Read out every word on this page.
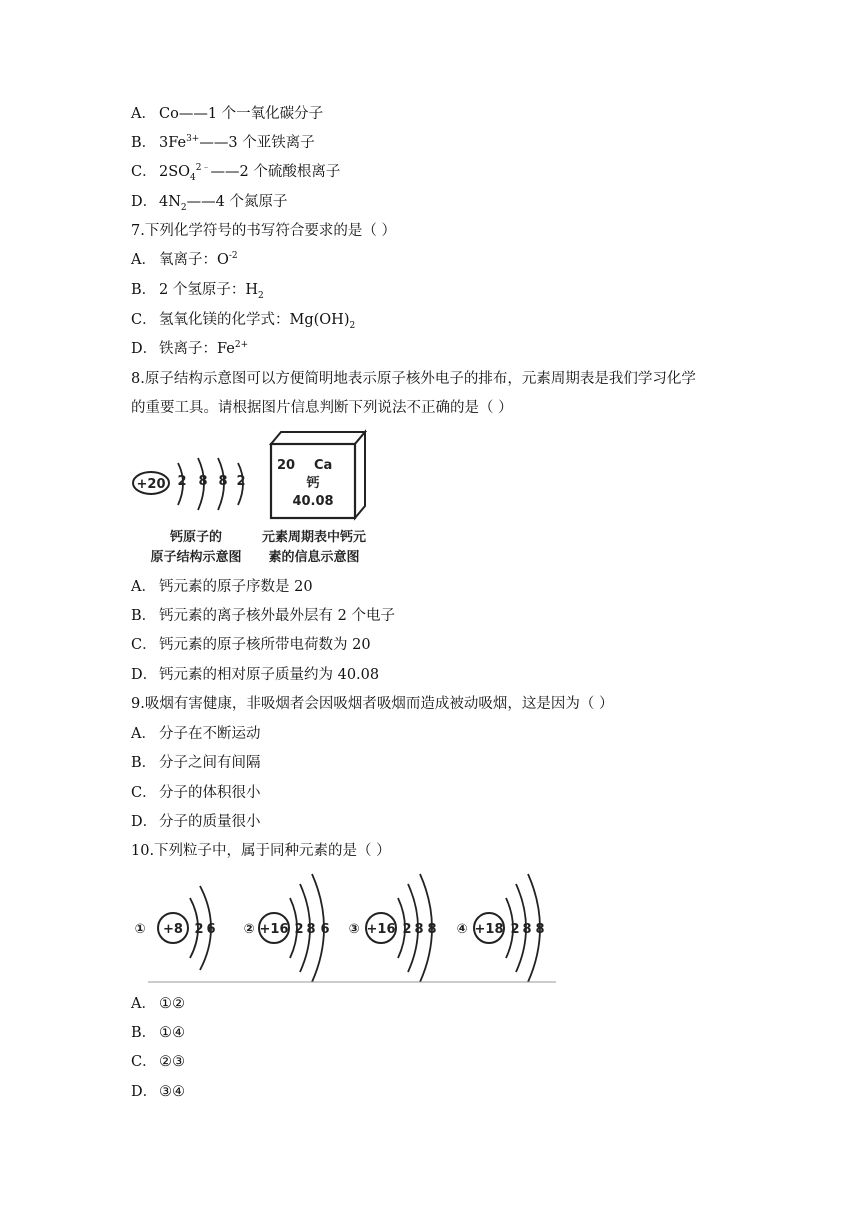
A． Co——1 个一氧化碳分子
B． $3Fe^{3+}——3$ 个亚铁离子
C． $2SO_4^{2﹣}——2$ 个硫酸根离子
D． $4N_2——4$ 个氮原子
7.下列化学符号的书写符合要求的是（ ）
A． 氧离子：$O^{-2}$
B． 2 个氢原子：$H_2$
C． 氢氧化镁的化学式：$Mg(OH)_2$
D． 铁离子：$Fe^{2+}$
8.原子结构示意图可以方便简明地表示原子核外电子的排布，元素周期表是我们学习化学
的重要工具。请根据图片信息判断下列说法不正确的是（ ）
+20 2 8 8 2
钙原子的
原子结构示意图
20 Ca
钙
40.08
元素周期表中钙元
素的信息示意图
A． 钙元素的原子序数是 20
B． 钙元素的离子核外最外层有 2 个电子
C． 钙元素的原子核所带电荷数为 20
D． 钙元素的相对原子质量约为 40.08
9.吸烟有害健康，非吸烟者会因吸烟者吸烟而造成被动吸烟，这是因为（ ）
A． 分子在不断运动
B． 分子之间有间隔
C． 分子的体积很小
D． 分子的质量很小
10.下列粒子中，属于同种元素的是（ ）
① +8 2 6 ② +16 2 8 6 ③ +16 2 8 8 ④ +18 2 8 8
A． ①②
B． ①④
C． ②③
D． ③④
